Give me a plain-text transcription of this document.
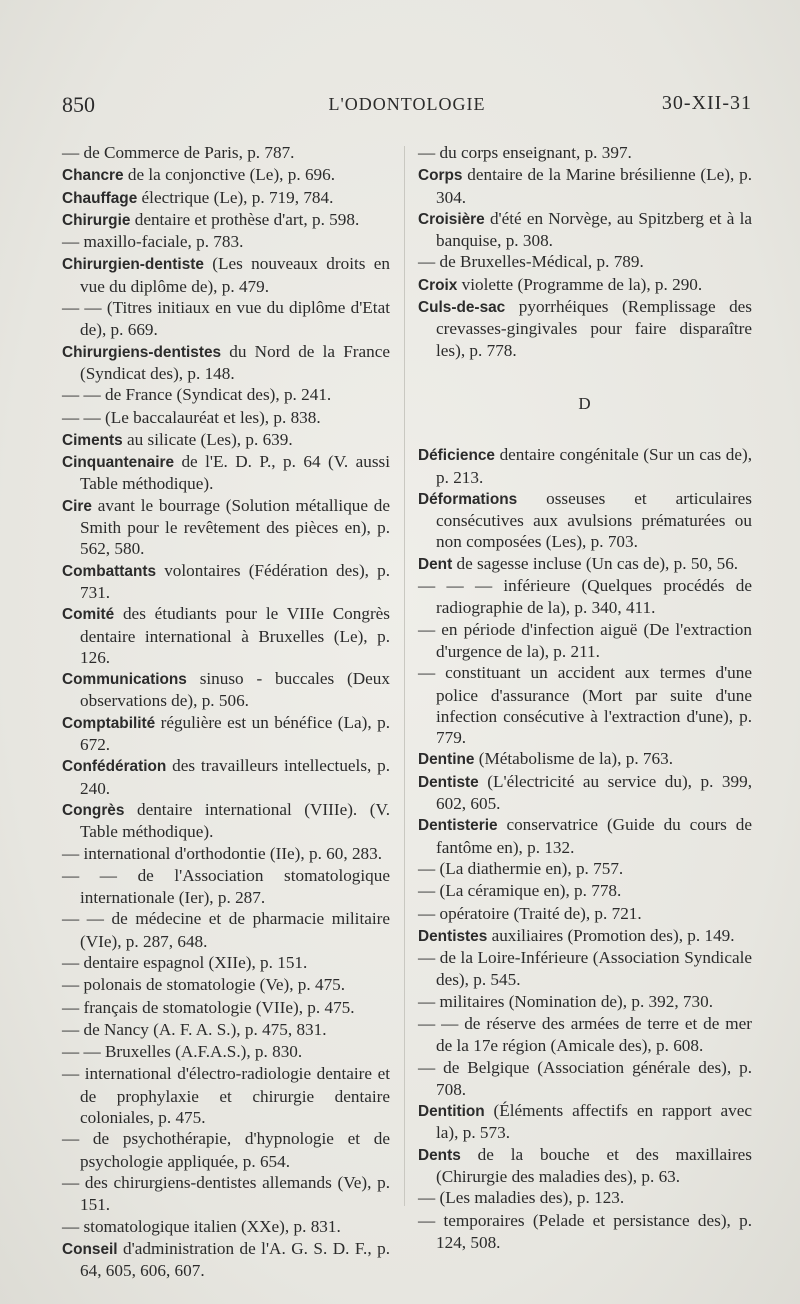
850	L'ODONTOLOGIE	30-XII-31
— de Commerce de Paris, p. 787.
Chancre de la conjonctive (Le), p. 696.
Chauffage électrique (Le), p. 719, 784.
Chirurgie dentaire et prothèse d'art, p. 598.
— maxillo-faciale, p. 783.
Chirurgien-dentiste (Les nouveaux droits en vue du diplôme de), p. 479.
— — (Titres initiaux en vue du diplôme d'Etat de), p. 669.
Chirurgiens-dentistes du Nord de la France (Syndicat des), p. 148.
— — de France (Syndicat des), p. 241.
— — (Le baccalauréat et les), p. 838.
Ciments au silicate (Les), p. 639.
Cinquantenaire de l'E. D. P., p. 64 (V. aussi Table méthodique).
Cire avant le bourrage (Solution métallique de Smith pour le revêtement des pièces en), p. 562, 580.
Combattants volontaires (Fédération des), p. 731.
Comité des étudiants pour le VIIIe Congrès dentaire international à Bruxelles (Le), p. 126.
Communications sinuso - buccales (Deux observations de), p. 506.
Comptabilité régulière est un bénéfice (La), p. 672.
Confédération des travailleurs intellectuels, p. 240.
Congrès dentaire international (VIIIe). (V. Table méthodique).
— international d'orthodontie (IIe), p. 60, 283.
— — de l'Association stomatologique internationale (Ier), p. 287.
— — de médecine et de pharmacie militaire (VIe), p. 287, 648.
— dentaire espagnol (XIIe), p. 151.
— polonais de stomatologie (Ve), p. 475.
— français de stomatologie (VIIe), p. 475.
— de Nancy (A. F. A. S.), p. 475, 831.
— — Bruxelles (A.F.A.S.), p. 830.
— international d'électro-radiologie dentaire et de prophylaxie et chirurgie dentaire coloniales, p. 475.
— de psychothérapie, d'hypnologie et de psychologie appliquée, p. 654.
— des chirurgiens-dentistes allemands (Ve), p. 151.
— stomatologique italien (XXe), p. 831.
Conseil d'administration de l'A. G. S. D. F., p. 64, 605, 606, 607.
— du corps enseignant, p. 397.
Corps dentaire de la Marine brésilienne (Le), p. 304.
Croisière d'été en Norvège, au Spitzberg et à la banquise, p. 308.
— de Bruxelles-Médical, p. 789.
Croix violette (Programme de la), p. 290.
Culs-de-sac pyorrhéiques (Remplissage des crevasses-gingivales pour faire disparaître les), p. 778.
D
Déficience dentaire congénitale (Sur un cas de), p. 213.
Déformations osseuses et articulaires consécutives aux avulsions prématurées ou non composées (Les), p. 703.
Dent de sagesse incluse (Un cas de), p. 50, 56.
— — — inférieure (Quelques procédés de radiographie de la), p. 340, 411.
— en période d'infection aiguë (De l'extraction d'urgence de la), p. 211.
— constituant un accident aux termes d'une police d'assurance (Mort par suite d'une infection consécutive à l'extraction d'une), p. 779.
Dentine (Métabolisme de la), p. 763.
Dentiste (L'électricité au service du), p. 399, 602, 605.
Dentisterie conservatrice (Guide du cours de fantôme en), p. 132.
— (La diathermie en), p. 757.
— (La céramique en), p. 778.
— opératoire (Traité de), p. 721.
Dentistes auxiliaires (Promotion des), p. 149.
— de la Loire-Inférieure (Association Syndicale des), p. 545.
— militaires (Nomination de), p. 392, 730.
— — de réserve des armées de terre et de mer de la 17e région (Amicale des), p. 608.
— de Belgique (Association générale des), p. 708.
Dentition (Éléments affectifs en rapport avec la), p. 573.
Dents de la bouche et des maxillaires (Chirurgie des maladies des), p. 63.
— (Les maladies des), p. 123.
— temporaires (Pelade et persistance des), p. 124, 508.
